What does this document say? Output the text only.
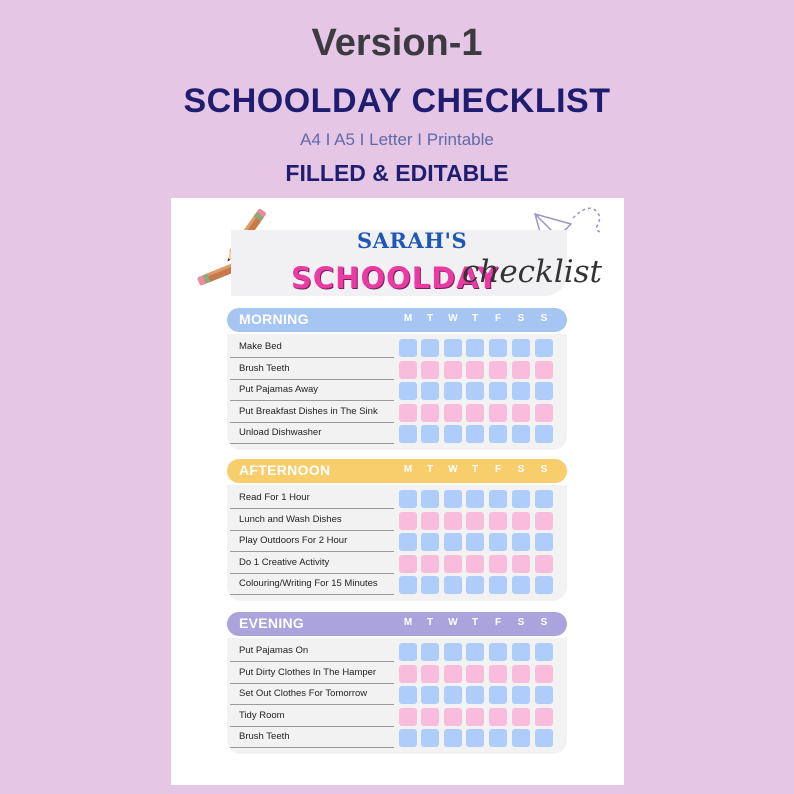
Version-1
SCHOOLDAY CHECKLIST
A4 I A5 I Letter I Printable
FILLED & EDITABLE
SARAH'S
SCHOOLDAY
checklist
MORNING	M	T	W	T	F	S	S
Make Bed
Brush Teeth
Put Pajamas Away
Put Breakfast Dishes in The Sink
Unload Dishwasher
AFTERNOON	M	T	W	T	F	S	S
Read For 1 Hour
Lunch and Wash Dishes
Play Outdoors For 2 Hour
Do 1 Creative Activity
Colouring/Writing For 15 Minutes
EVENING	M	T	W	T	F	S	S
Put Pajamas On
Put Dirty Clothes In The Hamper
Set Out Clothes For Tomorrow
Tidy Room
Brush Teeth
